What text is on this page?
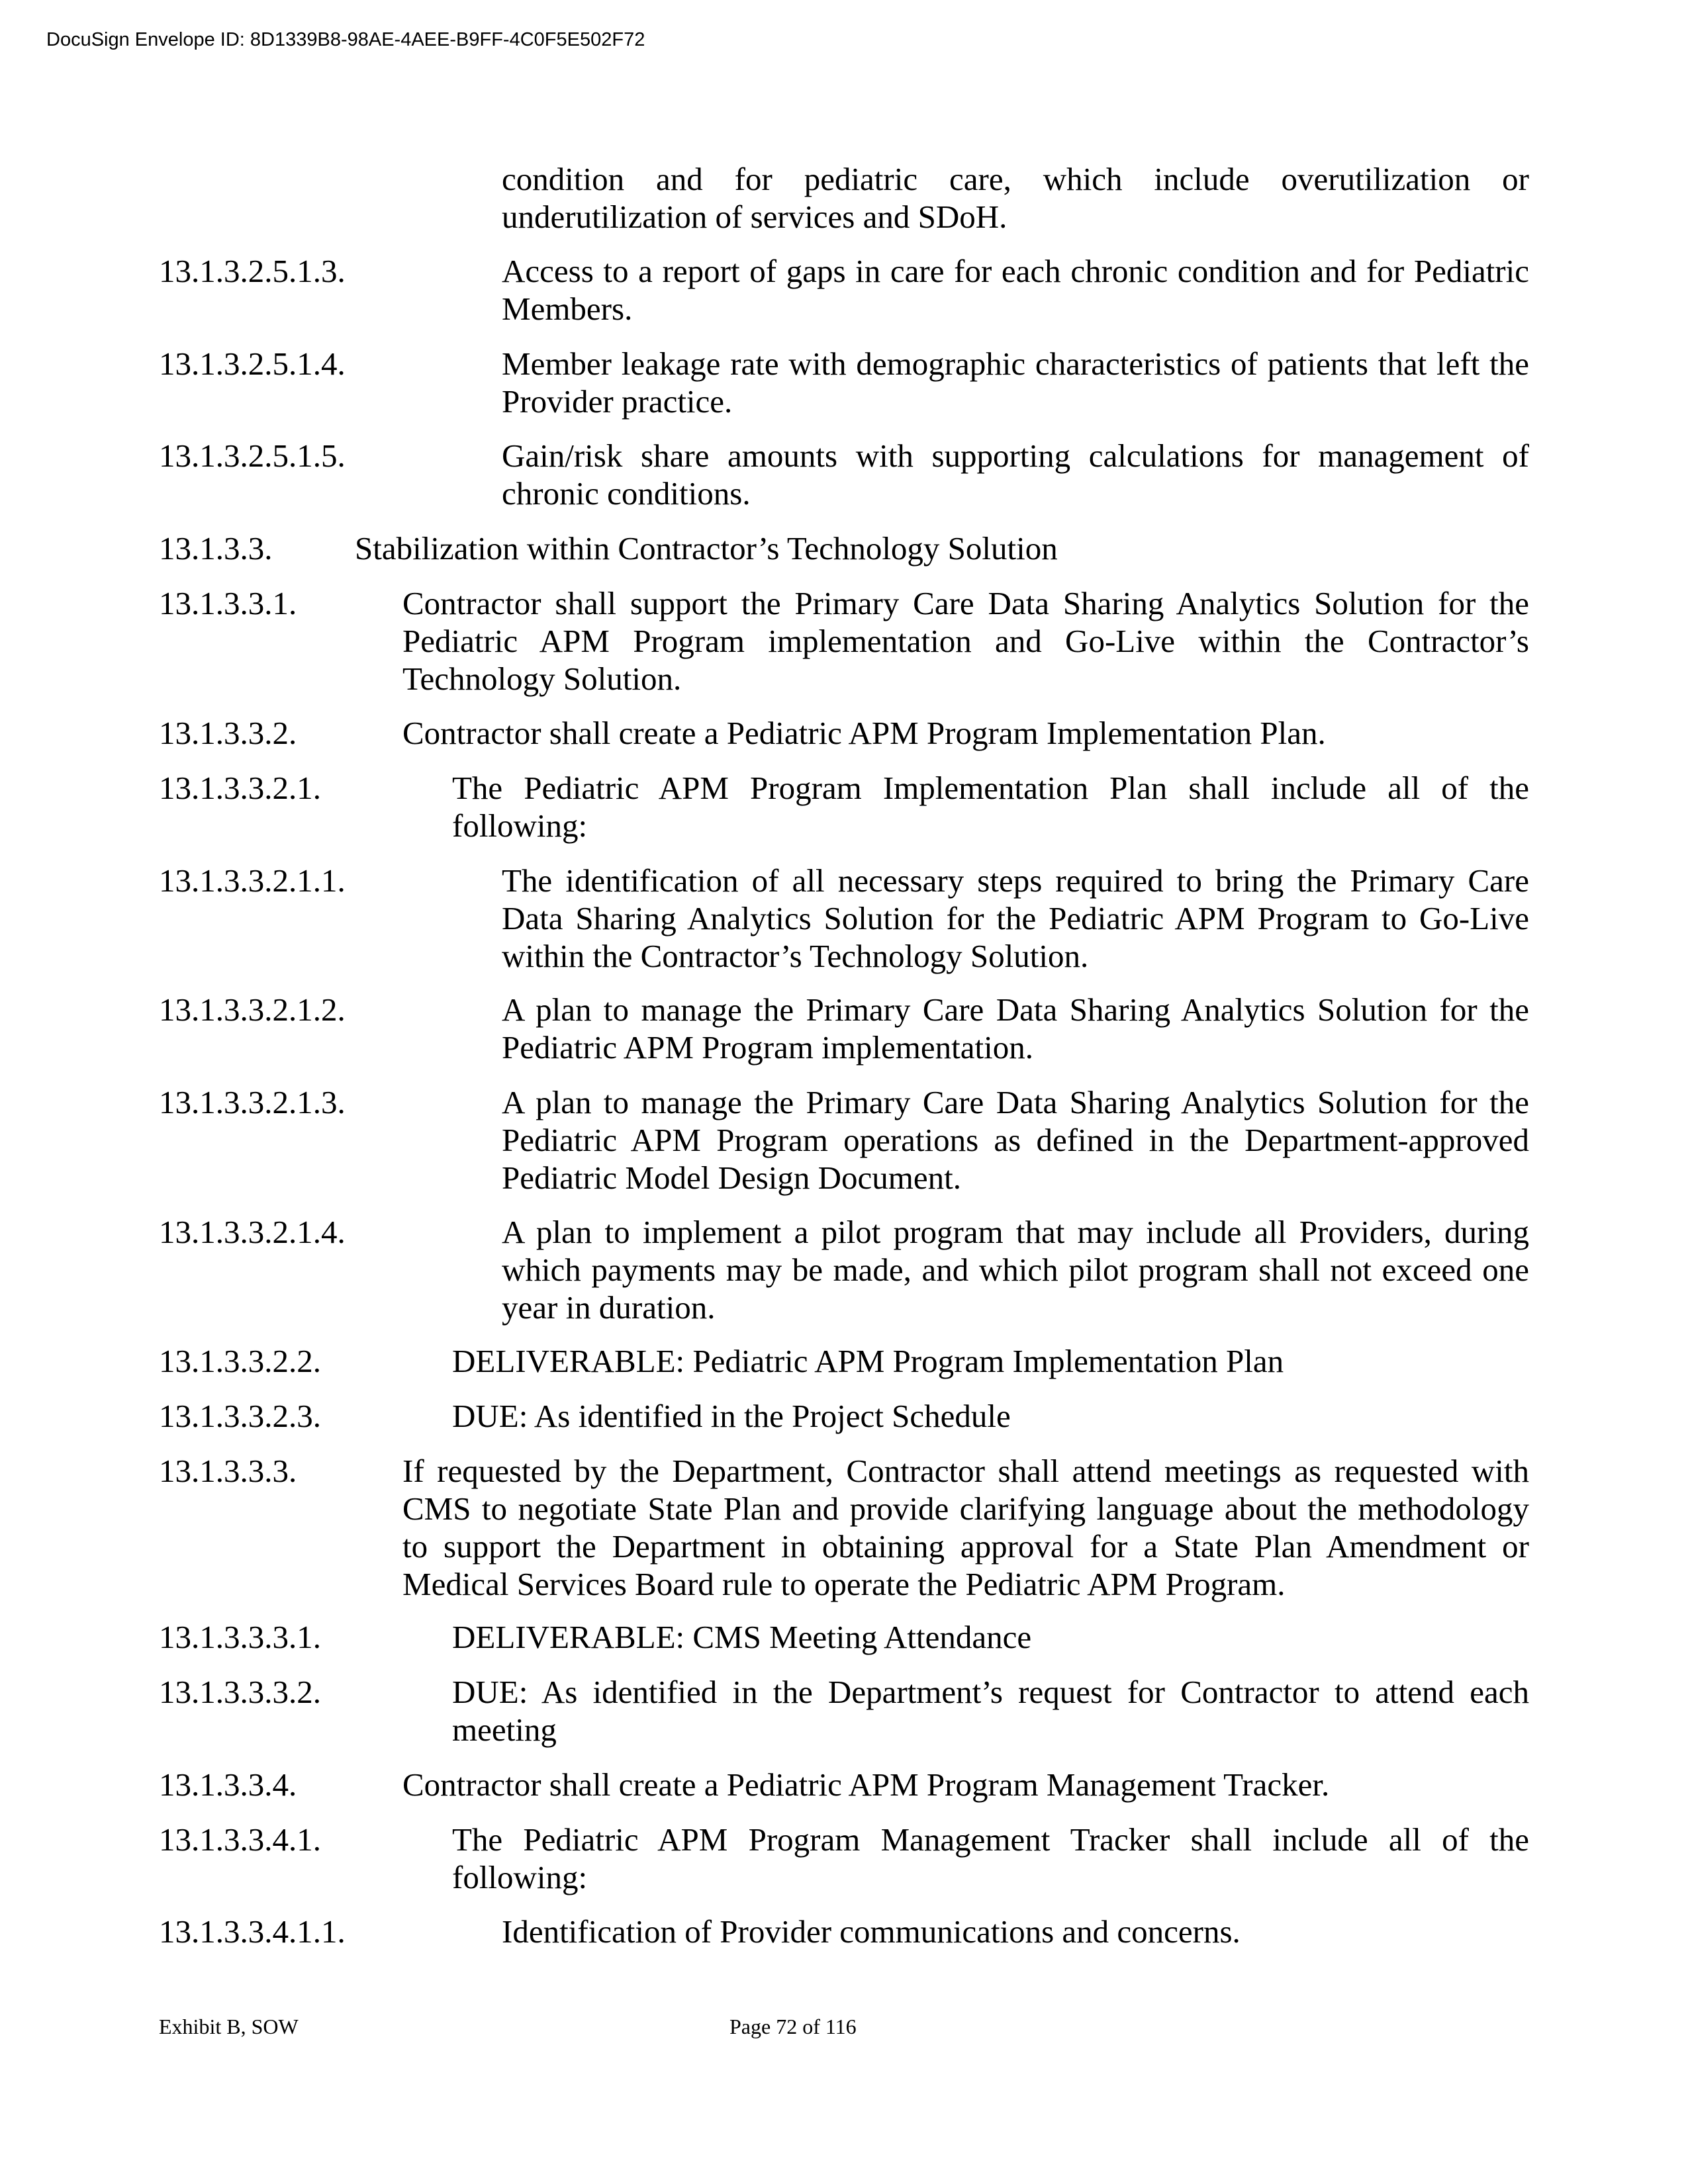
DocuSign Envelope ID: 8D1339B8-98AE-4AEE-B9FF-4C0F5E502F72
condition and for pediatric care, which include overutilization or underutilization of services and SDoH.
13.1.3.2.5.1.3.	Access to a report of gaps in care for each chronic condition and for Pediatric Members.
13.1.3.2.5.1.4.	Member leakage rate with demographic characteristics of patients that left the Provider practice.
13.1.3.2.5.1.5.	Gain/risk share amounts with supporting calculations for management of chronic conditions.
13.1.3.3.	Stabilization within Contractor’s Technology Solution
13.1.3.3.1.	Contractor shall support the Primary Care Data Sharing Analytics Solution for the Pediatric APM Program implementation and Go-Live within the Contractor’s Technology Solution.
13.1.3.3.2.	Contractor shall create a Pediatric APM Program Implementation Plan.
13.1.3.3.2.1.	The Pediatric APM Program Implementation Plan shall include all of the following:
13.1.3.3.2.1.1.	The identification of all necessary steps required to bring the Primary Care Data Sharing Analytics Solution for the Pediatric APM Program to Go-Live within the Contractor’s Technology Solution.
13.1.3.3.2.1.2.	A plan to manage the Primary Care Data Sharing Analytics Solution for the Pediatric APM Program implementation.
13.1.3.3.2.1.3.	A plan to manage the Primary Care Data Sharing Analytics Solution for the Pediatric APM Program operations as defined in the Department-approved Pediatric Model Design Document.
13.1.3.3.2.1.4.	A plan to implement a pilot program that may include all Providers, during which payments may be made, and which pilot program shall not exceed one year in duration.
13.1.3.3.2.2.	DELIVERABLE: Pediatric APM Program Implementation Plan
13.1.3.3.2.3.	DUE: As identified in the Project Schedule
13.1.3.3.3.	If requested by the Department, Contractor shall attend meetings as requested with CMS to negotiate State Plan and provide clarifying language about the methodology to support the Department in obtaining approval for a State Plan Amendment or Medical Services Board rule to operate the Pediatric APM Program.
13.1.3.3.3.1.	DELIVERABLE: CMS Meeting Attendance
13.1.3.3.3.2.	DUE: As identified in the Department’s request for Contractor to attend each meeting
13.1.3.3.4.	Contractor shall create a Pediatric APM Program Management Tracker.
13.1.3.3.4.1.	The Pediatric APM Program Management Tracker shall include all of the following:
13.1.3.3.4.1.1.	Identification of Provider communications and concerns.
Exhibit B, SOW	Page 72 of 116
